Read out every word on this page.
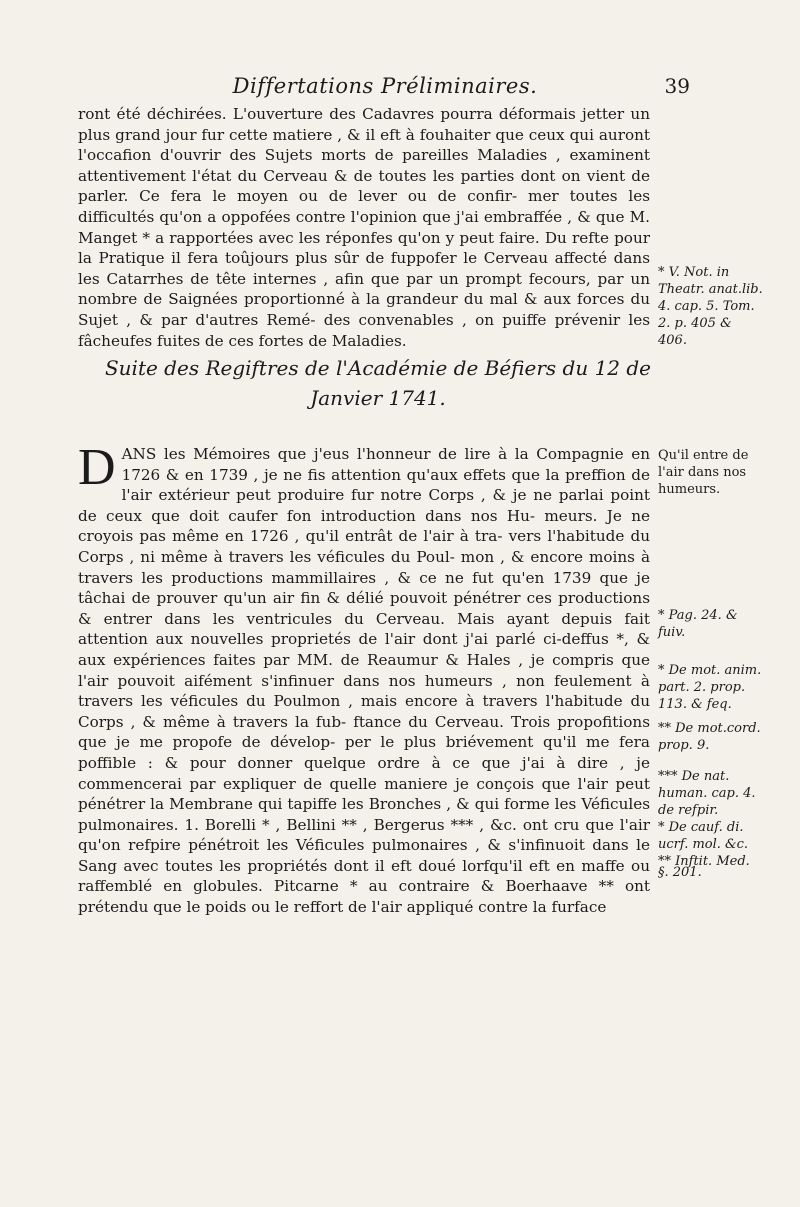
Differtations Préliminaires.	39

ront été déchirées. L'ouverture des Cadavres pourra déformais jetter un plus grand jour fur cette matiere , & il eft à fouhaiter que ceux qui auront l'occafion d'ouvrir des Sujets morts de pareilles Maladies , examinent attentivement l'état du Cerveau & de toutes les parties dont on vient de parler. Ce fera le moyen ou de lever ou de confir- mer toutes les difficultés qu'on a oppofées contre l'opinion que j'ai embraffée , & que M. Manget * a rapportées avec les réponfes qu'on y peut faire. Du refte pour la Pratique il fera toûjours plus sûr de fuppofer le Cerveau affecté dans les Catarrhes de tête internes , afin que par un prompt fecours, par un nombre de Saignées proportionné à la grandeur du mal & aux forces du Sujet , & par d'autres Remé- des convenables , on puiffe prévenir les fâcheufes fuites de ces fortes de Maladies.

Suite des Regiftres de l'Académie de Béfiers du 12 de
Janvier 1741.
D ANS les Mémoires que j'eus l'honneur de lire à la Compagnie en 1726 & en 1739 , je ne fis attention qu'aux effets que la preffion de l'air extérieur peut produire fur notre Corps , & je ne parlai point de ceux que doit caufer fon introduction dans nos Hu- meurs. Je ne croyois pas même en 1726 , qu'il entrât de l'air à tra- vers l'habitude du Corps , ni même à travers les véficules du Poul- mon , & encore moins à travers les productions mammillaires , & ce ne fut qu'en 1739 que je tâchai de prouver qu'un air fin & délié pouvoit pénétrer ces productions & entrer dans les ventricules du Cerveau. Mais ayant depuis fait attention aux nouvelles proprietés de l'air dont j'ai parlé ci-deffus *, & aux expériences faites par MM. de Reaumur & Hales , je compris que l'air pouvoit aifément s'infinuer dans nos humeurs , non feulement à travers les véficules du Poulmon , mais encore à travers l'habitude du Corps , & même à travers la fub- ftance du Cerveau. Trois propofitions que je me propofe de dévelop- per le plus briévement qu'il me fera poffible : & pour donner quelque ordre à ce que j'ai à dire , je commencerai par expliquer de quelle maniere je conçois que l'air peut pénétrer la Membrane qui tapiffe les Bronches , & qui forme les Véficules pulmonaires. 1. Borelli * , Bellini ** , Bergerus *** , &c. ont cru que l'air qu'on refpire pénétroit les Véficules pulmonaires , & s'infinuoit dans le Sang avec toutes les propriétés dont il eft doué lorfqu'il eft en maffe ou raffemblé en globules. Pitcarne * au contraire & Boerhaave ** ont prétendu que le poids ou le reffort de l'air appliqué contre la furface

* V. Not. in
Theatr. anat.lib.
4. cap. 5. Tom.
2. p. 405 &
406.
Qu'il entre de
l'air dans nos
humeurs.
* Pag. 24. &
fuiv.
* De mot. anim.
part. 2. prop.
113. & feq.
** De mot.cord.
prop. 9.
*** De nat.
human. cap. 4.
de refpir.
* De cauf. di.
ucrf. mol. &c.
** Inftit. Med.
§. 201.
